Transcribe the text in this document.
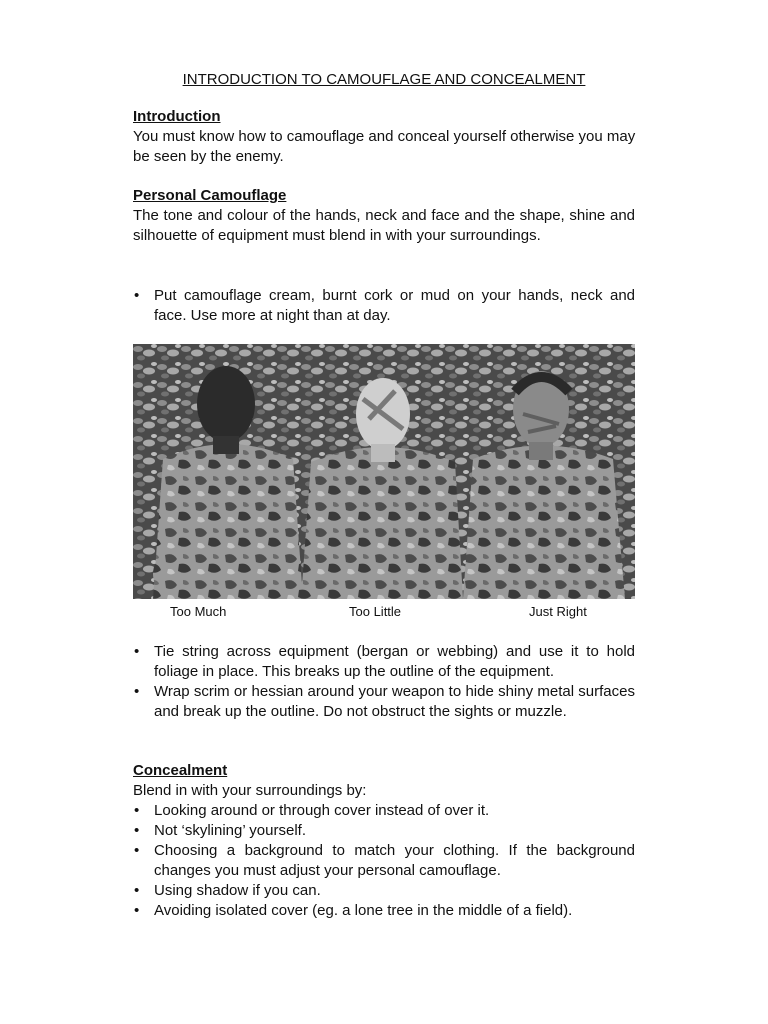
INTRODUCTION TO CAMOUFLAGE AND CONCEALMENT
Introduction

You must know how to camouflage and conceal yourself otherwise you may be seen by the enemy.

Personal Camouflage

The tone and colour of the hands, neck and face and the shape, shine and silhouette of equipment must blend in with your surroundings.

• Put camouflage cream, burnt cork or mud on your hands, neck and face. Use more at night than at day.
Too Much	Too Little	Just Right
• Tie string across equipment (bergan or webbing) and use it to hold foliage in place. This breaks up the outline of the equipment.
• Wrap scrim or hessian around your weapon to hide shiny metal surfaces and break up the outline. Do not obstruct the sights or muzzle.
Concealment

Blend in with your surroundings by:

• Looking around or through cover instead of over it.
• Not ‘skylining’ yourself.
• Choosing a background to match your clothing. If the background changes you must adjust your personal camouflage.
• Using shadow if you can.
• Avoiding isolated cover (eg. a lone tree in the middle of a field).
